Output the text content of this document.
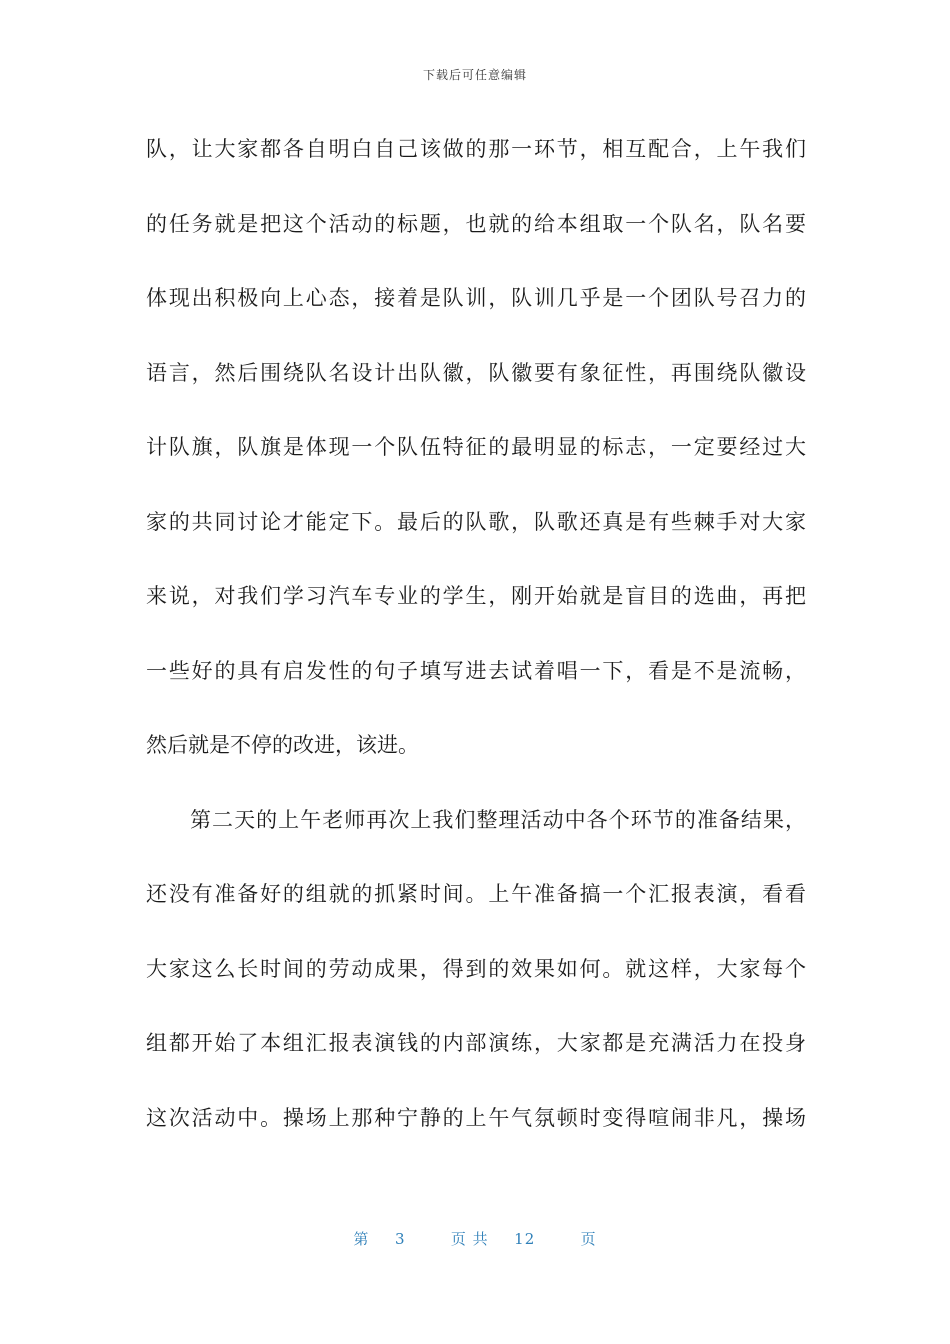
下载后可任意编辑
队，让大家都各自明白自己该做的那一环节，相互配合，上午我们
的任务就是把这个活动的标题，也就的给本组取一个队名，队名要
体现出积极向上心态，接着是队训，队训几乎是一个团队号召力的
语言，然后围绕队名设计出队徽，队徽要有象征性，再围绕队徽设
计队旗，队旗是体现一个队伍特征的最明显的标志，一定要经过大
家的共同讨论才能定下。最后的队歌，队歌还真是有些棘手对大家
来说，对我们学习汽车专业的学生，刚开始就是盲目的选曲，再把
一些好的具有启发性的句子填写进去试着唱一下，看是不是流畅，
然后就是不停的改进，该进。
第二天的上午老师再次上我们整理活动中各个环节的准备结果，
还没有准备好的组就的抓紧时间。上午准备搞一个汇报表演，看看
大家这么长时间的劳动成果，得到的效果如何。就这样，大家每个
组都开始了本组汇报表演钱的内部演练，大家都是充满活力在投身
这次活动中。操场上那种宁静的上午气氛顿时变得喧闹非凡，操场
第 3	页 共 12	页
